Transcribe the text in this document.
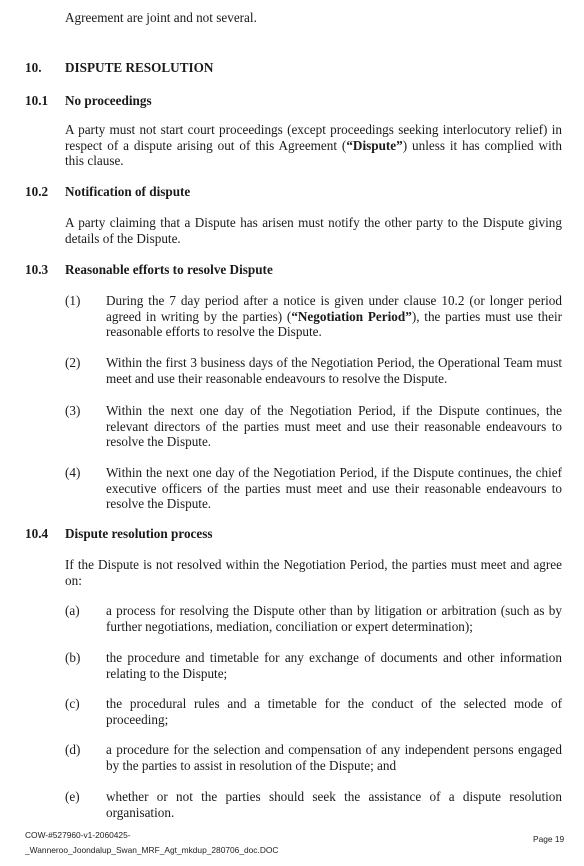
Agreement are joint and not several.
10. DISPUTE RESOLUTION
10.1 No proceedings
A party must not start court proceedings (except proceedings seeking interlocutory relief) in respect of a dispute arising out of this Agreement (“Dispute”) unless it has complied with this clause.
10.2 Notification of dispute
A party claiming that a Dispute has arisen must notify the other party to the Dispute giving details of the Dispute.
10.3 Reasonable efforts to resolve Dispute
(1) During the 7 day period after a notice is given under clause 10.2 (or longer period agreed in writing by the parties) (“Negotiation Period”), the parties must use their reasonable efforts to resolve the Dispute.
(2) Within the first 3 business days of the Negotiation Period, the Operational Team must meet and use their reasonable endeavours to resolve the Dispute.
(3) Within the next one day of the Negotiation Period, if the Dispute continues, the relevant directors of the parties must meet and use their reasonable endeavours to resolve the Dispute.
(4) Within the next one day of the Negotiation Period, if the Dispute continues, the chief executive officers of the parties must meet and use their reasonable endeavours to resolve the Dispute.
10.4 Dispute resolution process
If the Dispute is not resolved within the Negotiation Period, the parties must meet and agree on:
(a) a process for resolving the Dispute other than by litigation or arbitration (such as by further negotiations, mediation, conciliation or expert determination);
(b) the procedure and timetable for any exchange of documents and other information relating to the Dispute;
(c) the procedural rules and a timetable for the conduct of the selected mode of proceeding;
(d) a procedure for the selection and compensation of any independent persons engaged by the parties to assist in resolution of the Dispute; and
(e) whether or not the parties should seek the assistance of a dispute resolution organisation.
COW-#527960-v1-2060425-
_Wanneroo_Joondalup_Swan_MRF_Agt_mkdup_280706_doc.DOC
Page 19
